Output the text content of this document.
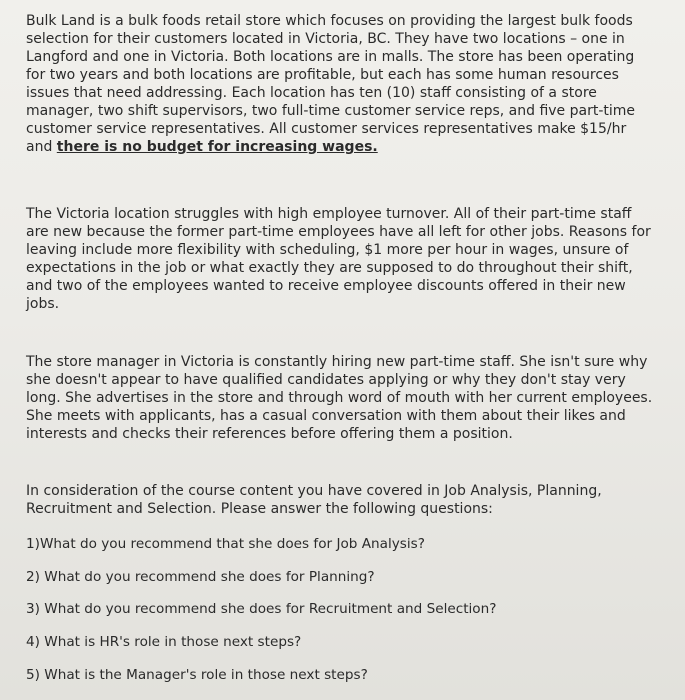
Bulk Land is a bulk foods retail store which focuses on providing the largest bulk foods selection for their customers located in Victoria, BC. They have two locations – one in Langford and one in Victoria. Both locations are in malls. The store has been operating for two years and both locations are profitable, but each has some human resources issues that need addressing. Each location has ten (10) staff consisting of a store manager, two shift supervisors, two full-time customer service reps, and five part-time customer service representatives. All customer services representatives make $15/hr and there is no budget for increasing wages.

The Victoria location struggles with high employee turnover. All of their part-time staff are new because the former part-time employees have all left for other jobs. Reasons for leaving include more flexibility with scheduling, $1 more per hour in wages, unsure of expectations in the job or what exactly they are supposed to do throughout their shift, and two of the employees wanted to receive employee discounts offered in their new jobs.

The store manager in Victoria is constantly hiring new part-time staff. She isn't sure why she doesn't appear to have qualified candidates applying or why they don't stay very long. She advertises in the store and through word of mouth with her current employees. She meets with applicants, has a casual conversation with them about their likes and interests and checks their references before offering them a position.

In consideration of the course content you have covered in Job Analysis, Planning, Recruitment and Selection. Please answer the following questions:

1)What do you recommend that she does for Job Analysis?

2) What do you recommend she does for Planning?

3) What do you recommend she does for Recruitment and Selection?

4) What is HR's role in those next steps?

5) What is the Manager's role in those next steps?
